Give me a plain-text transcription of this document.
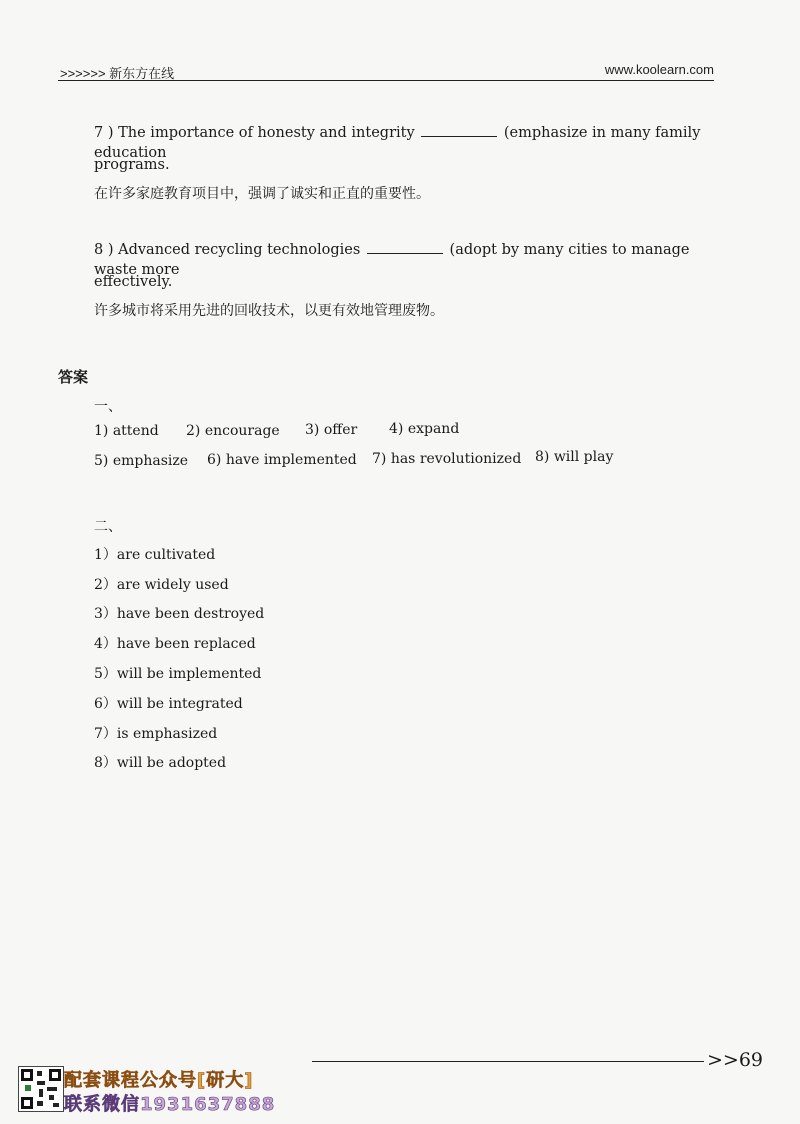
>>>>>> 新东方在线	www.koolearn.com
7 ) The importance of honesty and integrity	(emphasize in many family education
programs.
在许多家庭教育项目中，强调了诚实和正直的重要性。
8 ) Advanced recycling technologies	(adopt by many cities to manage waste more
effectively.
许多城市将采用先进的回收技术，以更有效地管理废物。
答案
一、
1) attend 2) encourage 3) offer 4) expand
5) emphasize 6) have implemented 7) has revolutionized 8) will play
二、
1）are cultivated
2）are widely used
3）have been destroyed
4）have been replaced
5）will be implemented
6）will be integrated
7）is emphasized
8）will be adopted
>>69
配套课程公众号[研大]
联系微信1931637888
